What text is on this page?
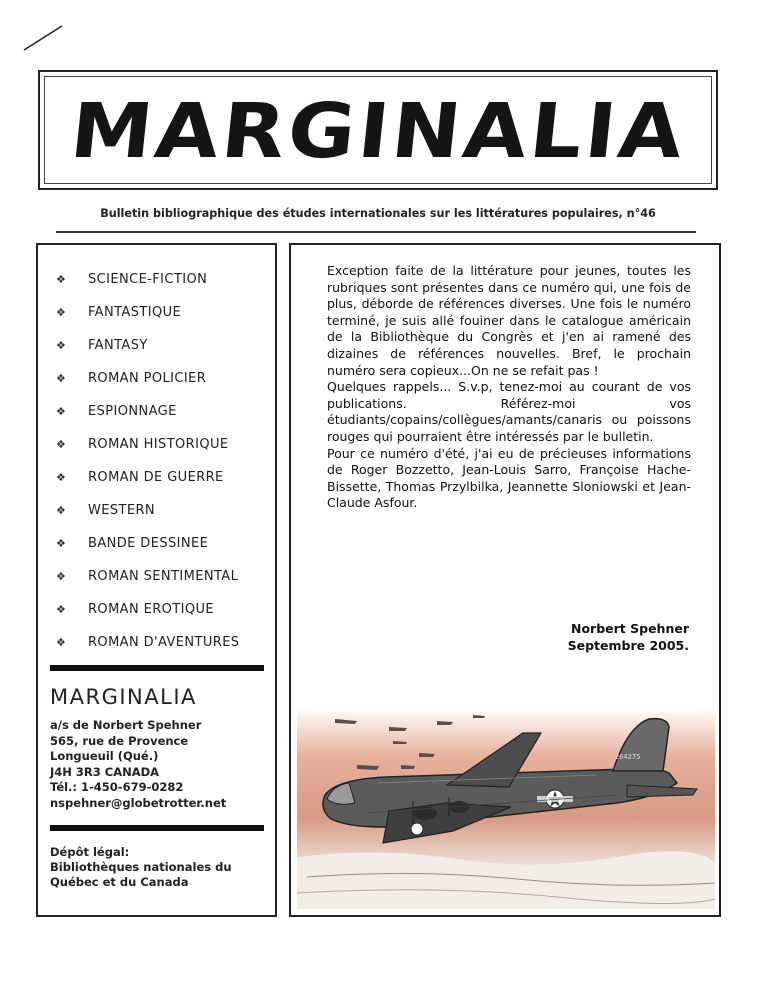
MARGINALIA
Bulletin bibliographique des études internationales sur les littératures populaires, n°46
❖	SCIENCE-FICTION
❖	FANTASTIQUE
❖	FANTASY
❖	ROMAN POLICIER
❖	ESPIONNAGE
❖	ROMAN HISTORIQUE
❖	ROMAN DE GUERRE
❖	WESTERN
❖	BANDE DESSINEE
❖	ROMAN SENTIMENTAL
❖	ROMAN EROTIQUE
❖	ROMAN D'AVENTURES
MARGINALIA
a/s de Norbert Spehner
565, rue de Provence
Longueuil (Qué.)
J4H 3R3 CANADA
Tél.: 1-450-679-0282
nspehner@globetrotter.net
Dépôt légal:
Bibliothèques nationales du
Québec et du Canada

Exception faite de la littérature pour jeunes, toutes les rubriques sont présentes dans ce numéro qui, une fois de plus, déborde de références diverses. Une fois le numéro terminé, je suis allé fouiner dans le catalogue américain de la Bibliothèque du Congrès et j'en ai ramené des dizaines de références nouvelles. Bref, le prochain numéro sera copieux...On ne se refait pas !

Quelques rappels... S.v.p, tenez-moi au courant de vos publications. Référez-moi vos étudiants/copains/collègues/amants/canaris ou poissons rouges qui pourraient être intéressés par le bulletin.

Pour ce numéro d'été, j'ai eu de précieuses informations de Roger Bozzetto, Jean-Louis Sarro, Françoise Hache-Bissette, Thomas Przylbilka, Jeannette Sloniowski et Jean-Claude Asfour.

Norbert Spehner
Septembre 2005.
264275
